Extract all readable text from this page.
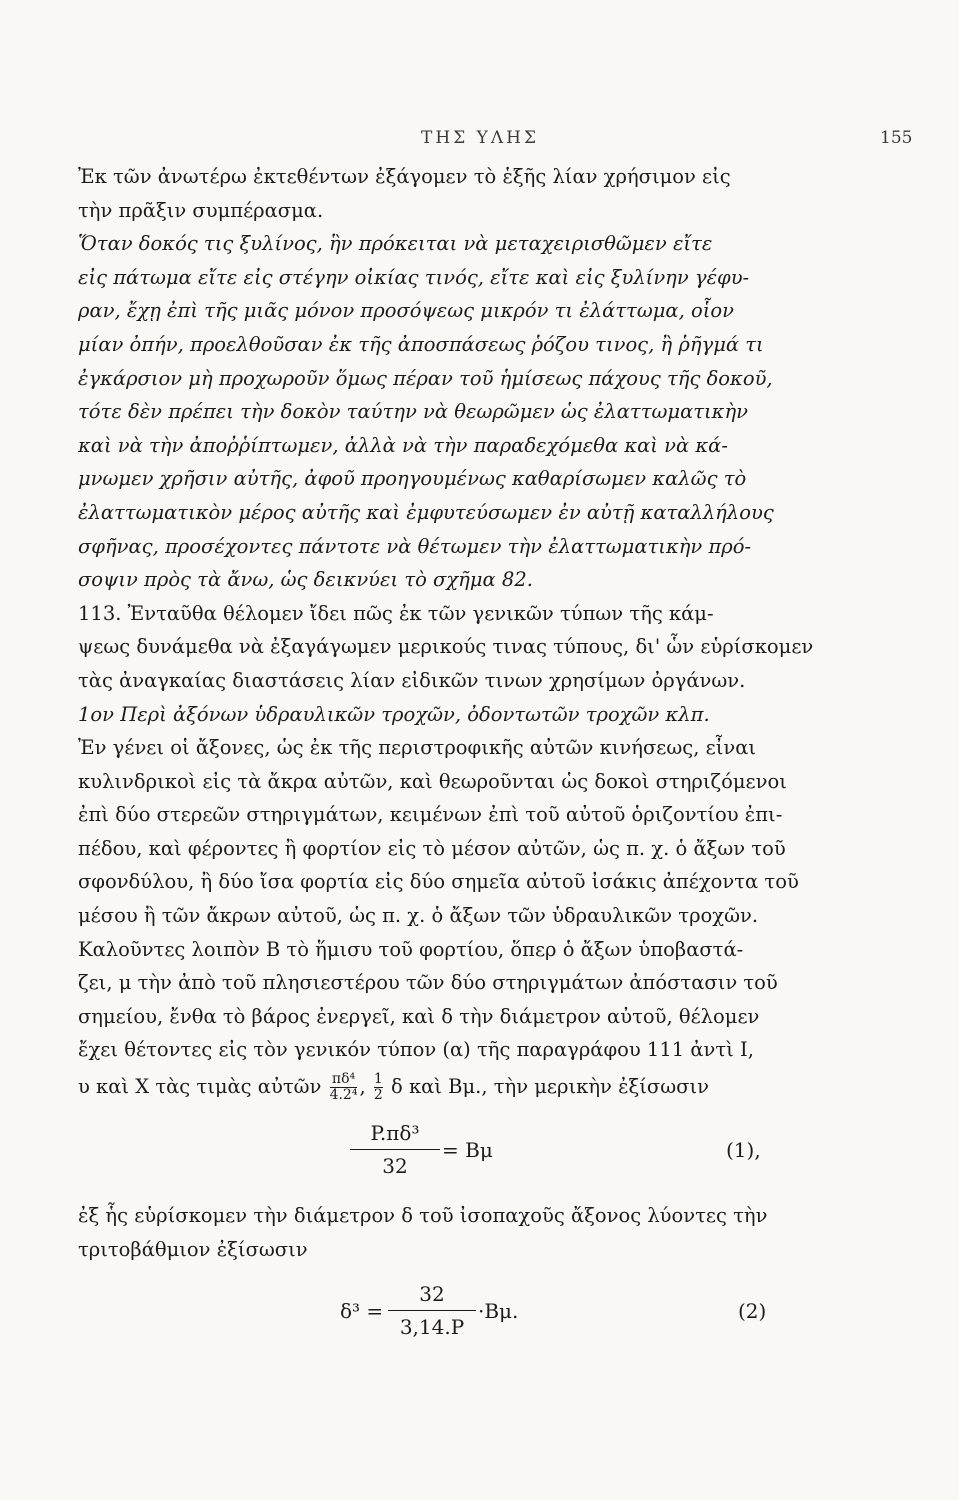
ΤΗΣ ΥΛΗΣ	155
Ἐκ τῶν ἀνωτέρω ἐκτεθέντων ἐξάγομεν τὸ ἑξῆς λίαν χρήσιμον εἰς
τὴν πρᾶξιν συμπέρασμα.
Ὅταν δοκός τις ξυλίνος, ἣν πρόκειται νὰ μεταχειρισθῶμεν εἴτε
εἰς πάτωμα εἴτε εἰς στέγην οἰκίας τινός, εἴτε καὶ εἰς ξυλίνην γέφυ-
ραν, ἔχῃ ἐπὶ τῆς μιᾶς μόνον προσόψεως μικρόν τι ἐλάττωμα, οἷον
μίαν ὀπήν, προελθοῦσαν ἐκ τῆς ἀποσπάσεως ῥόζου τινος, ἢ ῥῆγμά τι
ἐγκάρσιον μὴ προχωροῦν ὅμως πέραν τοῦ ἡμίσεως πάχους τῆς δοκοῦ,
τότε δὲν πρέπει τὴν δοκὸν ταύτην νὰ θεωρῶμεν ὡς ἐλαττωματικὴν
καὶ νὰ τὴν ἀποῤῥίπτωμεν, ἀλλὰ νὰ τὴν παραδεχόμεθα καὶ νὰ κά-
μνωμεν χρῆσιν αὐτῆς, ἀφοῦ προηγουμένως καθαρίσωμεν καλῶς τὸ
ἐλαττωματικὸν μέρος αὐτῆς καὶ ἐμφυτεύσωμεν ἐν αὐτῇ καταλλήλους
σφῆνας, προσέχοντες πάντοτε νὰ θέτωμεν τὴν ἐλαττωματικὴν πρό-
σοψιν πρὸς τὰ ἄνω, ὡς δεικνύει τὸ σχῆμα 82.
113. Ἐνταῦθα θέλομεν ἴδει πῶς ἐκ τῶν γενικῶν τύπων τῆς κάμ-
ψεως δυνάμεθα νὰ ἐξαγάγωμεν μερικούς τινας τύπους, δι' ὧν εὑρίσκομεν
τὰς ἀναγκαίας διαστάσεις λίαν εἰδικῶν τινων χρησίμων ὀργάνων.
1ον Περὶ ἀξόνων ὑδραυλικῶν τροχῶν, ὀδοντωτῶν τροχῶν κλπ.
Ἐν γένει οἱ ἄξονες, ὡς ἐκ τῆς περιστροφικῆς αὐτῶν κινήσεως, εἶναι
κυλινδρικοὶ εἰς τὰ ἄκρα αὐτῶν, καὶ θεωροῦνται ὡς δοκοὶ στηριζόμενοι
ἐπὶ δύο στερεῶν στηριγμάτων, κειμένων ἐπὶ τοῦ αὐτοῦ ὁριζοντίου ἐπι-
πέδου, καὶ φέροντες ἢ φορτίον εἰς τὸ μέσον αὐτῶν, ὡς π. χ. ὁ ἄξων τοῦ
σφονδύλου, ἢ δύο ἴσα φορτία εἰς δύο σημεῖα αὐτοῦ ἰσάκις ἀπέχοντα τοῦ
μέσου ἢ τῶν ἄκρων αὐτοῦ, ὡς π. χ. ὁ ἄξων τῶν ὑδραυλικῶν τροχῶν.
Καλοῦντες λοιπὸν B τὸ ἥμισυ τοῦ φορτίου, ὅπερ ὁ ἄξων ὑποβαστά-
ζει, μ τὴν ἀπὸ τοῦ πλησιεστέρου τῶν δύο στηριγμάτων ἀπόστασιν τοῦ
σημείου, ἔνθα τὸ βάρος ἐνεργεῖ, καὶ δ τὴν διάμετρον αὐτοῦ, θέλομεν
ἔχει θέτοντες εἰς τὸν γενικόν τύπον (α) τῆς παραγράφου 111 ἀντὶ I,
υ καὶ X τὰς τιμὰς αὐτῶν $\frac{\text{πδ⁴}}{\text{4.2⁴}}$ , $\frac{1}{2}$ δ καὶ Bμ., τὴν μερικὴν ἐξίσωσιν
P.πδ³
32
= Bμ	(1),
ἐξ ἧς εὑρίσκομεν τὴν διάμετρον δ τοῦ ἰσοπαχοῦς ἄξονος λύοντες τὴν
τριτοβάθμιον ἐξίσωσιν
δ³ =
32
3,14.P
·Bμ.	(2)
